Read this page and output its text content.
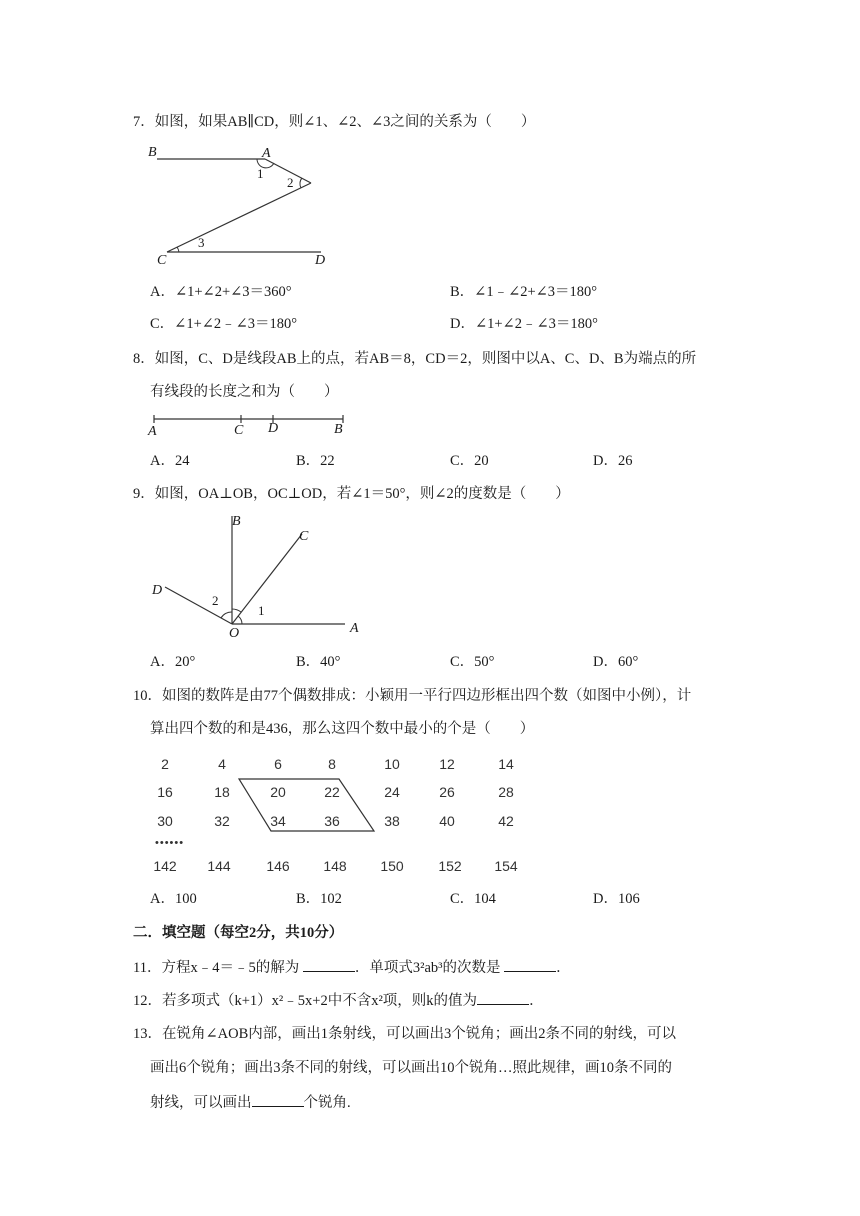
7．如图，如果AB∥CD，则∠1、∠2、∠3之间的关系为（　　）
B	A
1
2
3
C	D
A．∠1+∠2+∠3＝360°	B．∠1﹣∠2+∠3＝180°
C．∠1+∠2﹣∠3＝180°	D．∠1+∠2﹣∠3＝180°
8．如图，C、D是线段AB上的点，若AB＝8，CD＝2，则图中以A、C、D、B为端点的所
有线段的长度之和为（　　）
A	C D	B
A．24	B．22	C．20	D．26
9．如图，OA⊥OB，OC⊥OD，若∠1＝50°，则∠2的度数是（　　）
B
C
D
2
1
O	A
A．20°	B．40°	C．50°	D．60°
10．如图的数阵是由77个偶数排成：小颖用一平行四边形框出四个数（如图中小例），计
算出四个数的和是436，那么这四个数中最小的个是（　　）
2	4	6	8	10	12	14
16	18	20	22	24	26	28
30	32	34	36	38	40	42
••••••
142	144	146	148	150	152	154
A．100	B．102	C．104	D．106
二．填空题（每空2分，共10分）
11．方程x﹣4＝﹣5的解为	．单项式3²ab³的次数是	．
12．若多项式（k+1）x²﹣5x+2中不含x²项，则k的值为	．
13．在锐角∠AOB内部，画出1条射线，可以画出3个锐角；画出2条不同的射线，可以
画出6个锐角；画出3条不同的射线，可以画出10个锐角…照此规律，画10条不同的
射线，可以画出	个锐角.
